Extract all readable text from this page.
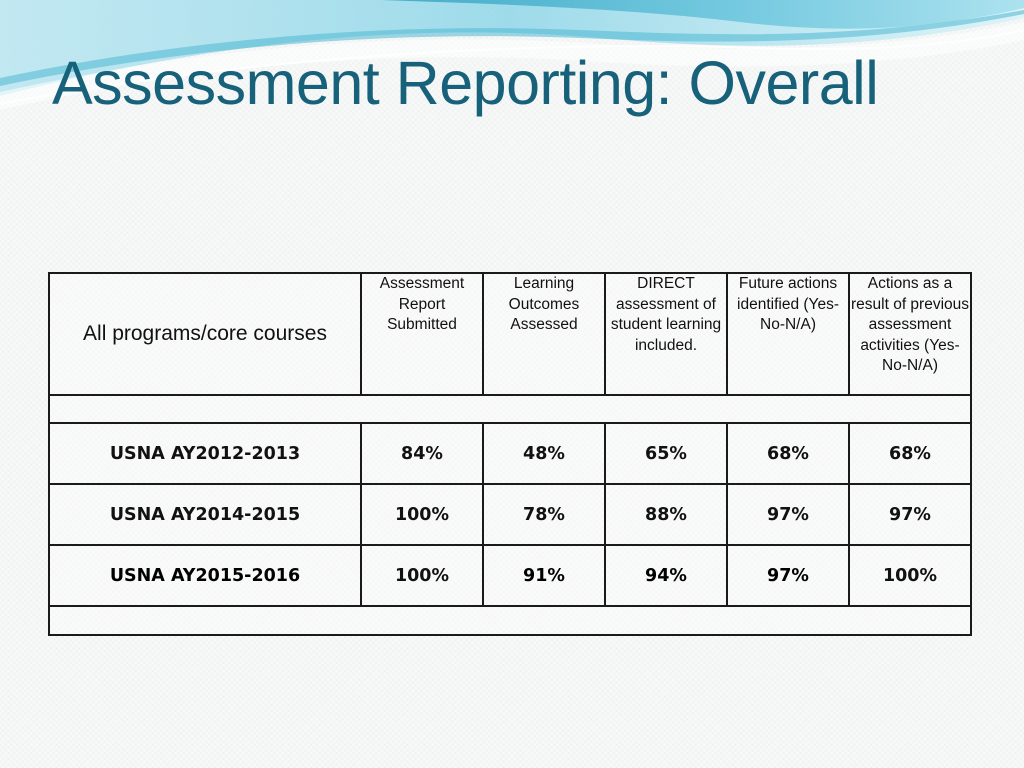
Assessment Reporting: Overall
All programs/core courses	Assessment Report Submitted	Learning Outcomes Assessed	DIRECT assessment of student learning included.	Future actions identified (Yes-No-N/A)	Actions as a result of previous assessment activities (Yes-No-N/A)

USNA AY2012-2013	84%	48%	65%	68%	68%
USNA AY2014-2015	100%	78%	88%	97%	97%
USNA AY2015-2016	100%	91%	94%	97%	100%
